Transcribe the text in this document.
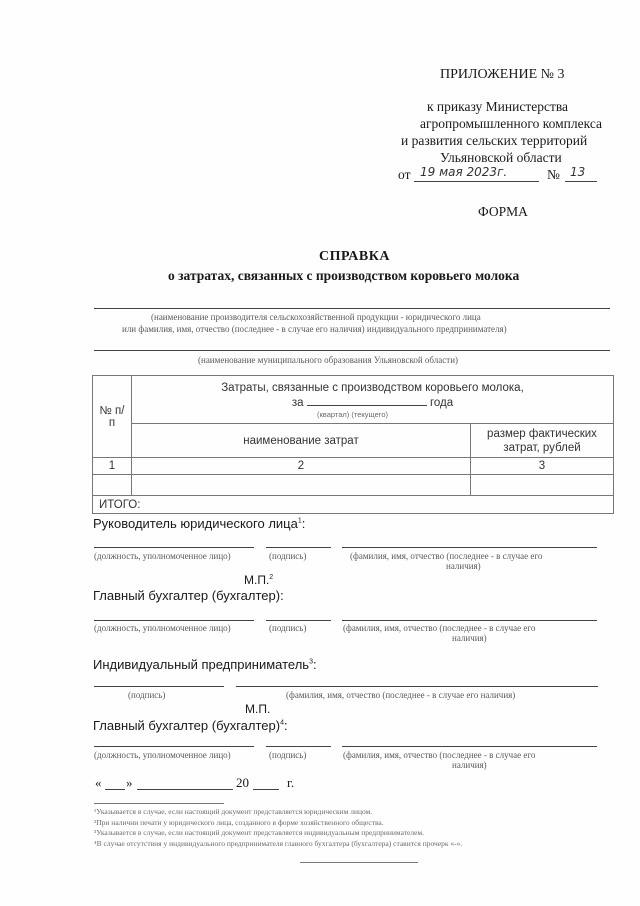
ПРИЛОЖЕНИЕ № 3
к приказу Министерства
агропромышленного комплекса
и развития сельских территорий
Ульяновской области
от 19 мая 2023г.	№ 13
ФОРМА
СПРАВКА
о затратах, связанных с производством коровьего молока
(наименование производителя сельскохозяйственной продукции - юридического лица
или фамилия, имя, отчество (последнее - в случае его наличия) индивидуального предпринимателя)
(наименование муниципального образования Ульяновской области)
№ п/п	Затраты, связанные с производством коровьего молока,
за года
(квартал) (текущего)	

	наименование затрат	размер фактических затрат, рублей
1	2	3

ИТОГО:		
Руководитель юридического лица$^1$:
(должность, уполномоченное лицо)	(подпись)	(фамилия, имя, отчество (последнее - в случае его
наличия)
М.П.$^2$
Главный бухгалтер (бухгалтер):
(должность, уполномоченное лицо)	(подпись)	(фамилия, имя, отчество (последнее - в случае его
наличия)
Индивидуальный предприниматель$^3$:
(подпись)	(фамилия, имя, отчество (последнее - в случае его наличия)
М.П.
Главный бухгалтер (бухгалтер)$^4$:
(должность, уполномоченное лицо)	(подпись)	(фамилия, имя, отчество (последнее - в случае его
наличия)
« »	20	г.
¹Указывается в случае, если настоящий документ представляется юридическим лицом.
²При наличии печати у юридического лица, созданного в форме хозяйственного общества.
³Указывается в случае, если настоящий документ представляется индивидуальным предпринимателем.
⁴В случае отсутствия у индивидуального предпринимателя главного бухгалтера (бухгалтера) ставится прочерк «-».
